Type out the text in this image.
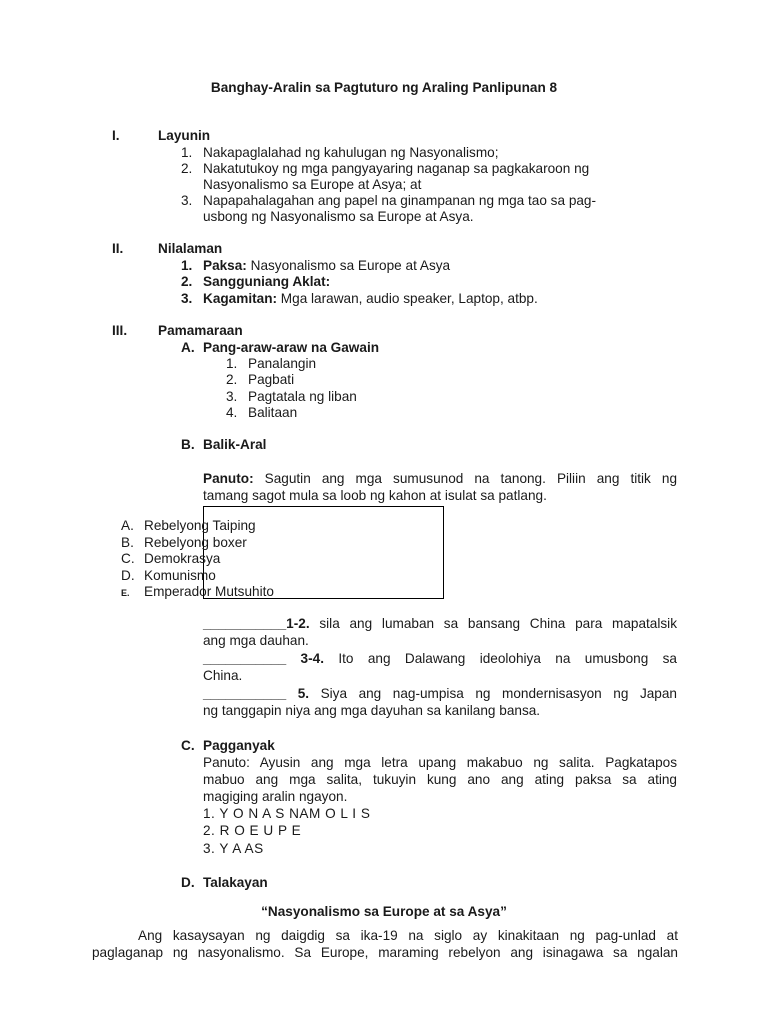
Banghay-Aralin sa Pagtuturo ng Araling Panlipunan 8
I.	Layunin
1. Nakapaglalahad ng kahulugan ng Nasyonalismo;
2. Nakatutukoy ng mga pangyayaring naganap sa pagkakaroon ng
Nasyonalismo sa Europe at Asya; at
3. Napapahalagahan ang papel na ginampanan ng mga tao sa pag-
usbong ng Nasyonalismo sa Europe at Asya.
II.	Nilalaman
1. Paksa: Nasyonalismo sa Europe at Asya
2. Sangguniang Aklat:
3. Kagamitan: Mga larawan, audio speaker, Laptop, atbp.
III. Pamamaraan
A. Pang-araw-araw na Gawain
1. Panalangin
2. Pagbati
3. Pagtatala ng liban
4. Balitaan
B. Balik-Aral
Panuto: Sagutin ang mga sumusunod na tanong. Piliin ang titik ng
tamang sagot mula sa loob ng kahon at isulat sa patlang.
A. Rebelyong Taiping
B. Rebelyong boxer
C. Demokrasya
D. Komunismo
E. Emperador Mutsuhito
___________1-2. sila ang lumaban sa bansang China para mapatalsik
ang mga dauhan.
___________ 3-4. Ito ang Dalawang ideolohiya na umusbong sa
China.
___________ 5. Siya ang nag-umpisa ng mondernisasyon ng Japan
ng tanggapin niya ang mga dayuhan sa kanilang bansa.
C. Pagganyak
Panuto: Ayusin ang mga letra upang makabuo ng salita. Pagkatapos
mabuo ang mga salita, tukuyin kung ano ang ating paksa sa ating
magiging aralin ngayon.
1. Y O N A S NAM O L I S
2. R O E U P E
3. Y A AS
D. Talakayan
“Nasyonalismo sa Europe at sa Asya”
Ang kasaysayan ng daigdig sa ika-19 na siglo ay kinakitaan ng pag-unlad at
paglaganap ng nasyonalismo. Sa Europe, maraming rebelyon ang isinagawa sa ngalan
